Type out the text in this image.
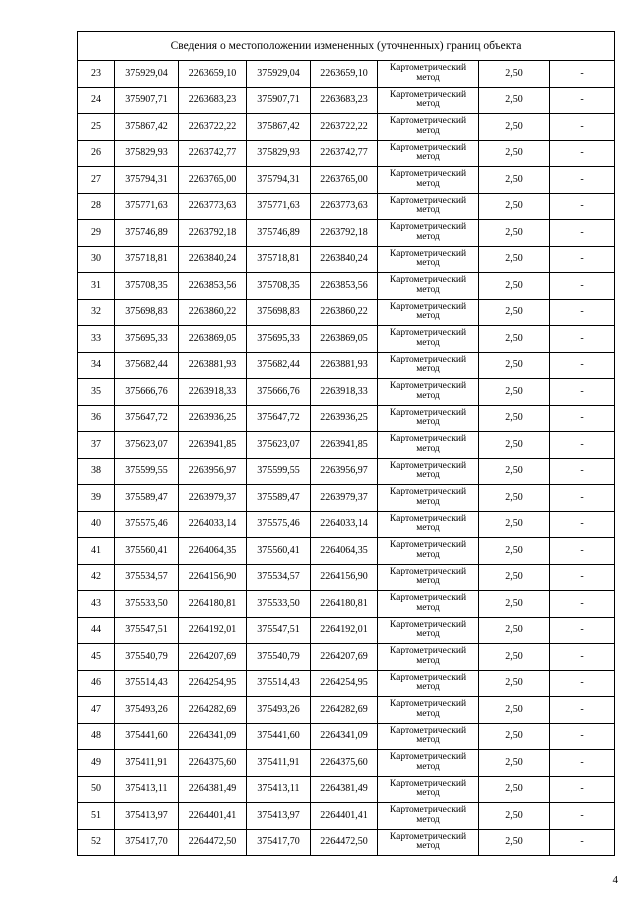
Сведения о местоположении измененных (уточненных) границ объекта							
23	375929,04	2263659,10	375929,04	2263659,10	Картометрический метод	2,50	-
24	375907,71	2263683,23	375907,71	2263683,23	Картометрический метод	2,50	-
25	375867,42	2263722,22	375867,42	2263722,22	Картометрический метод	2,50	-
26	375829,93	2263742,77	375829,93	2263742,77	Картометрический метод	2,50	-
27	375794,31	2263765,00	375794,31	2263765,00	Картометрический метод	2,50	-
28	375771,63	2263773,63	375771,63	2263773,63	Картометрический метод	2,50	-
29	375746,89	2263792,18	375746,89	2263792,18	Картометрический метод	2,50	-
30	375718,81	2263840,24	375718,81	2263840,24	Картометрический метод	2,50	-
31	375708,35	2263853,56	375708,35	2263853,56	Картометрический метод	2,50	-
32	375698,83	2263860,22	375698,83	2263860,22	Картометрический метод	2,50	-
33	375695,33	2263869,05	375695,33	2263869,05	Картометрический метод	2,50	-
34	375682,44	2263881,93	375682,44	2263881,93	Картометрический метод	2,50	-
35	375666,76	2263918,33	375666,76	2263918,33	Картометрический метод	2,50	-
36	375647,72	2263936,25	375647,72	2263936,25	Картометрический метод	2,50	-
37	375623,07	2263941,85	375623,07	2263941,85	Картометрический метод	2,50	-
38	375599,55	2263956,97	375599,55	2263956,97	Картометрический метод	2,50	-
39	375589,47	2263979,37	375589,47	2263979,37	Картометрический метод	2,50	-
40	375575,46	2264033,14	375575,46	2264033,14	Картометрический метод	2,50	-
41	375560,41	2264064,35	375560,41	2264064,35	Картометрический метод	2,50	-
42	375534,57	2264156,90	375534,57	2264156,90	Картометрический метод	2,50	-
43	375533,50	2264180,81	375533,50	2264180,81	Картометрический метод	2,50	-
44	375547,51	2264192,01	375547,51	2264192,01	Картометрический метод	2,50	-
45	375540,79	2264207,69	375540,79	2264207,69	Картометрический метод	2,50	-
46	375514,43	2264254,95	375514,43	2264254,95	Картометрический метод	2,50	-
47	375493,26	2264282,69	375493,26	2264282,69	Картометрический метод	2,50	-
48	375441,60	2264341,09	375441,60	2264341,09	Картометрический метод	2,50	-
49	375411,91	2264375,60	375411,91	2264375,60	Картометрический метод	2,50	-
50	375413,11	2264381,49	375413,11	2264381,49	Картометрический метод	2,50	-
51	375413,97	2264401,41	375413,97	2264401,41	Картометрический метод	2,50	-
52	375417,70	2264472,50	375417,70	2264472,50	Картометрический метод	2,50	-
4
